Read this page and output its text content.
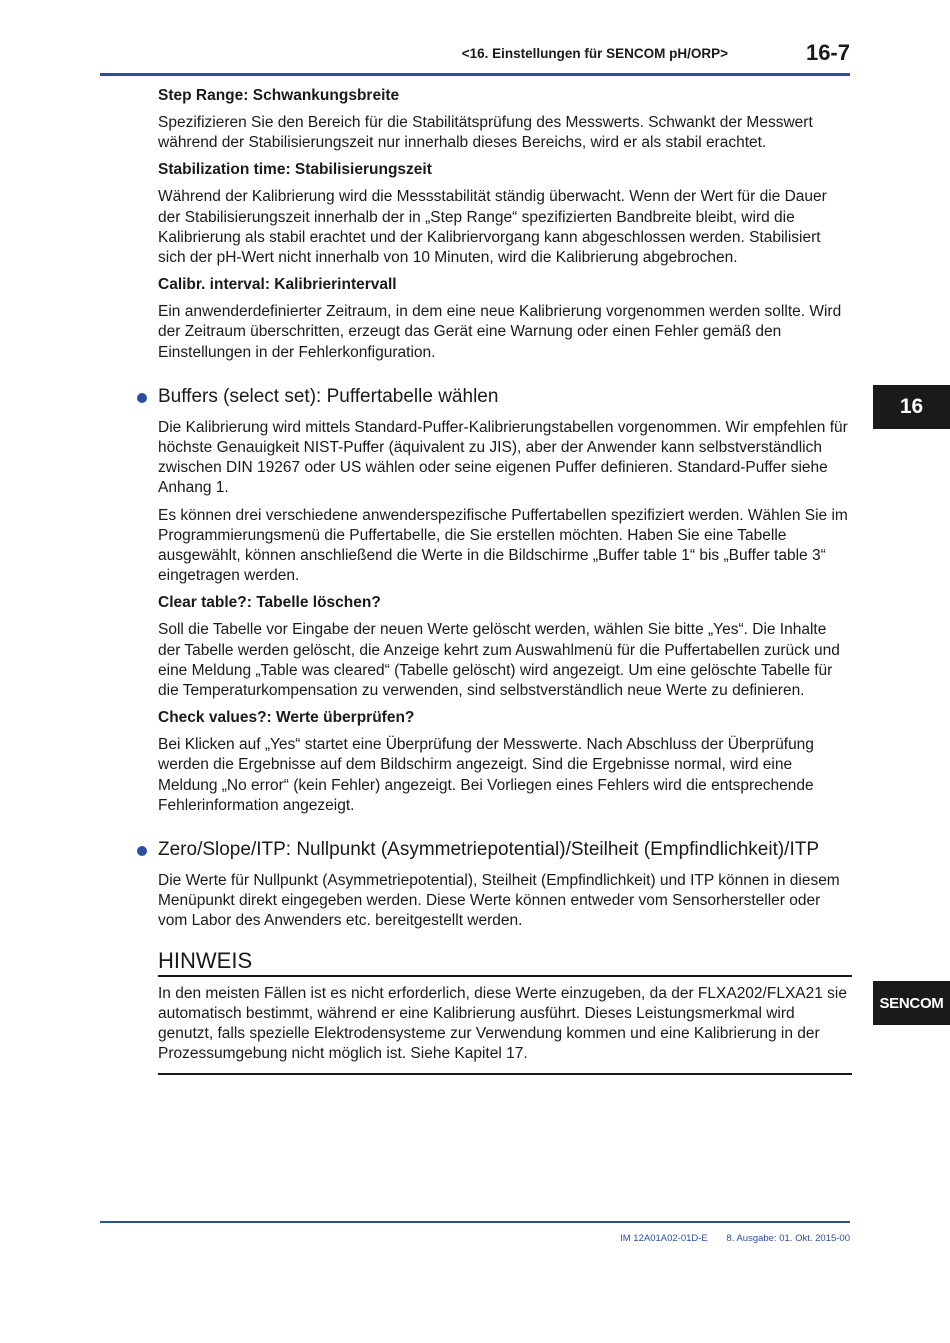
<16. Einstellungen für SENCOM pH/ORP>	16-7
Step Range: Schwankungsbreite
Spezifizieren Sie den Bereich für die Stabilitätsprüfung des Messwerts. Schwankt der Messwert während der Stabilisierungszeit nur innerhalb dieses Bereichs, wird er als stabil erachtet.
Stabilization time: Stabilisierungszeit
Während der Kalibrierung wird die Messstabilität ständig überwacht. Wenn der Wert für die Dauer der Stabilisierungszeit innerhalb der in „Step Range“ spezifizierten Bandbreite bleibt, wird die Kalibrierung als stabil erachtet und der Kalibriervorgang kann abgeschlossen werden. Stabilisiert sich der pH-Wert nicht innerhalb von 10 Minuten, wird die Kalibrierung abgebrochen.
Calibr. interval: Kalibrierintervall
Ein anwenderdefinierter Zeitraum, in dem eine neue Kalibrierung vorgenommen werden sollte. Wird der Zeitraum überschritten, erzeugt das Gerät eine Warnung oder einen Fehler gemäß den Einstellungen in der Fehlerkonfiguration.
Buffers (select set): Puffertabelle wählen
Die Kalibrierung wird mittels Standard-Puffer-Kalibrierungstabellen vorgenommen. Wir empfehlen für höchste Genauigkeit NIST-Puffer (äquivalent zu JIS), aber der Anwender kann selbstverständlich zwischen DIN 19267 oder US wählen oder seine eigenen Puffer definieren. Standard-Puffer siehe Anhang 1.
Es können drei verschiedene anwenderspezifische Puffertabellen spezifiziert werden. Wählen Sie im Programmierungsmenü die Puffertabelle, die Sie erstellen möchten. Haben Sie eine Tabelle ausgewählt, können anschließend die Werte in die Bildschirme „Buffer table 1“ bis „Buffer table 3“ eingetragen werden.
Clear table?: Tabelle löschen?
Soll die Tabelle vor Eingabe der neuen Werte gelöscht werden, wählen Sie bitte „Yes“. Die Inhalte der Tabelle werden gelöscht, die Anzeige kehrt zum Auswahlmenü für die Puffertabellen zurück und eine Meldung „Table was cleared“ (Tabelle gelöscht) wird angezeigt. Um eine gelöschte Tabelle für die Temperaturkompensation zu verwenden, sind selbstverständlich neue Werte zu definieren.
Check values?: Werte überprüfen?
Bei Klicken auf „Yes“ startet eine Überprüfung der Messwerte. Nach Abschluss der Überprüfung werden die Ergebnisse auf dem Bildschirm angezeigt. Sind die Ergebnisse normal, wird eine Meldung „No error“ (kein Fehler) angezeigt. Bei Vorliegen eines Fehlers wird die entsprechende Fehlerinformation angezeigt.
Zero/Slope/ITP: Nullpunkt (Asymmetriepotential)/Steilheit (Empfindlichkeit)/ITP
Die Werte für Nullpunkt (Asymmetriepotential), Steilheit (Empfindlichkeit) und ITP können in diesem Menüpunkt direkt eingegeben werden. Diese Werte können entweder vom Sensorhersteller oder vom Labor des Anwenders etc. bereitgestellt werden.
HINWEIS
In den meisten Fällen ist es nicht erforderlich, diese Werte einzugeben, da der FLXA202/FLXA21 sie automatisch bestimmt, während er eine Kalibrierung ausführt. Dieses Leistungsmerkmal wird genutzt, falls spezielle Elektrodensysteme zur Verwendung kommen und eine Kalibrierung in der Prozessumgebung nicht möglich ist. Siehe Kapitel 17.
16
SENCOM
IM 12A01A02-01D-E 8. Ausgabe: 01. Okt. 2015-00
